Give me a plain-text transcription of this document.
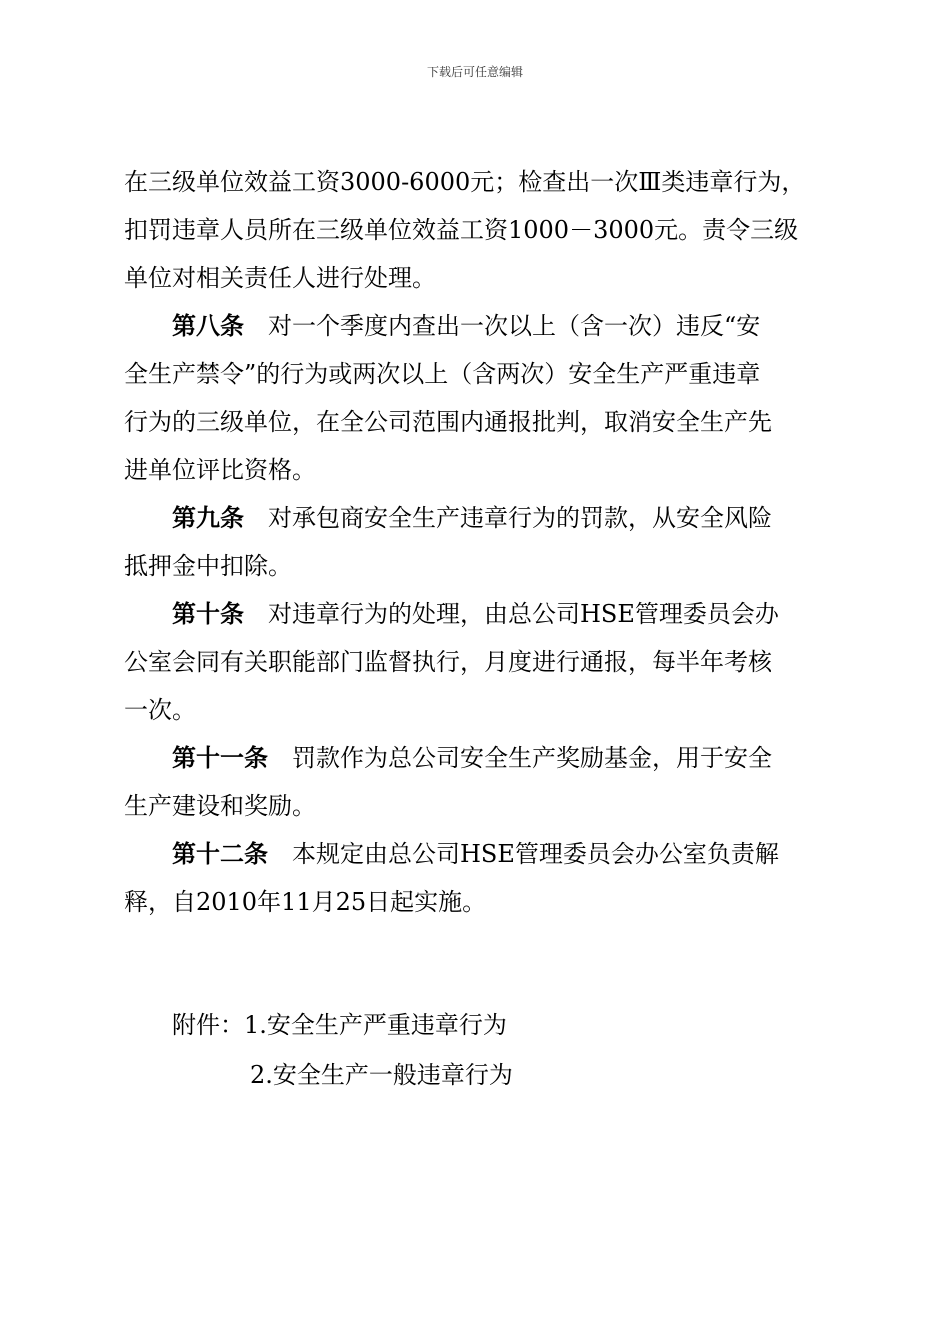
下载后可任意编辑
在三级单位效益工资3000-6000元；检查出一次Ⅲ类违章行为，
扣罚违章人员所在三级单位效益工资1000－3000元。责令三级
单位对相关责任人进行处理。
第八条 对一个季度内查出一次以上（含一次）违反“安
全生产禁令”的行为或两次以上（含两次）安全生产严重违章
行为的三级单位，在全公司范围内通报批判，取消安全生产先
进单位评比资格。
第九条 对承包商安全生产违章行为的罚款，从安全风险
抵押金中扣除。
第十条 对违章行为的处理，由总公司HSE管理委员会办
公室会同有关职能部门监督执行，月度进行通报，每半年考核
一次。
第十一条 罚款作为总公司安全生产奖励基金，用于安全
生产建设和奖励。
第十二条 本规定由总公司HSE管理委员会办公室负责解
释，自2010年11月25日起实施。
附件：1.安全生产严重违章行为
2.安全生产一般违章行为
